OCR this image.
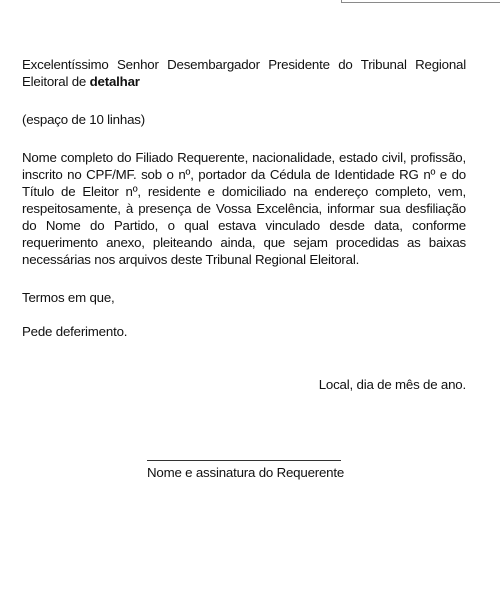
Excelentíssimo Senhor Desembargador Presidente do Tribunal Regional Eleitoral de detalhar

(espaço de 10 linhas)

Nome completo do Filiado Requerente, nacionalidade, estado civil, profissão, inscrito no CPF/MF. sob o nº, portador da Cédula de Identidade RG nº e do Título de Eleitor nº, residente e domiciliado na endereço completo, vem, respeitosamente, à presença de Vossa Excelência, informar sua desfiliação do Nome do Partido, o qual estava vinculado desde data, conforme requerimento anexo, pleiteando ainda, que sejam procedidas as baixas necessárias nos arquivos deste Tribunal Regional Eleitoral.

Termos em que,

Pede deferimento.

Local, dia de mês de ano.
Nome e assinatura do Requerente
